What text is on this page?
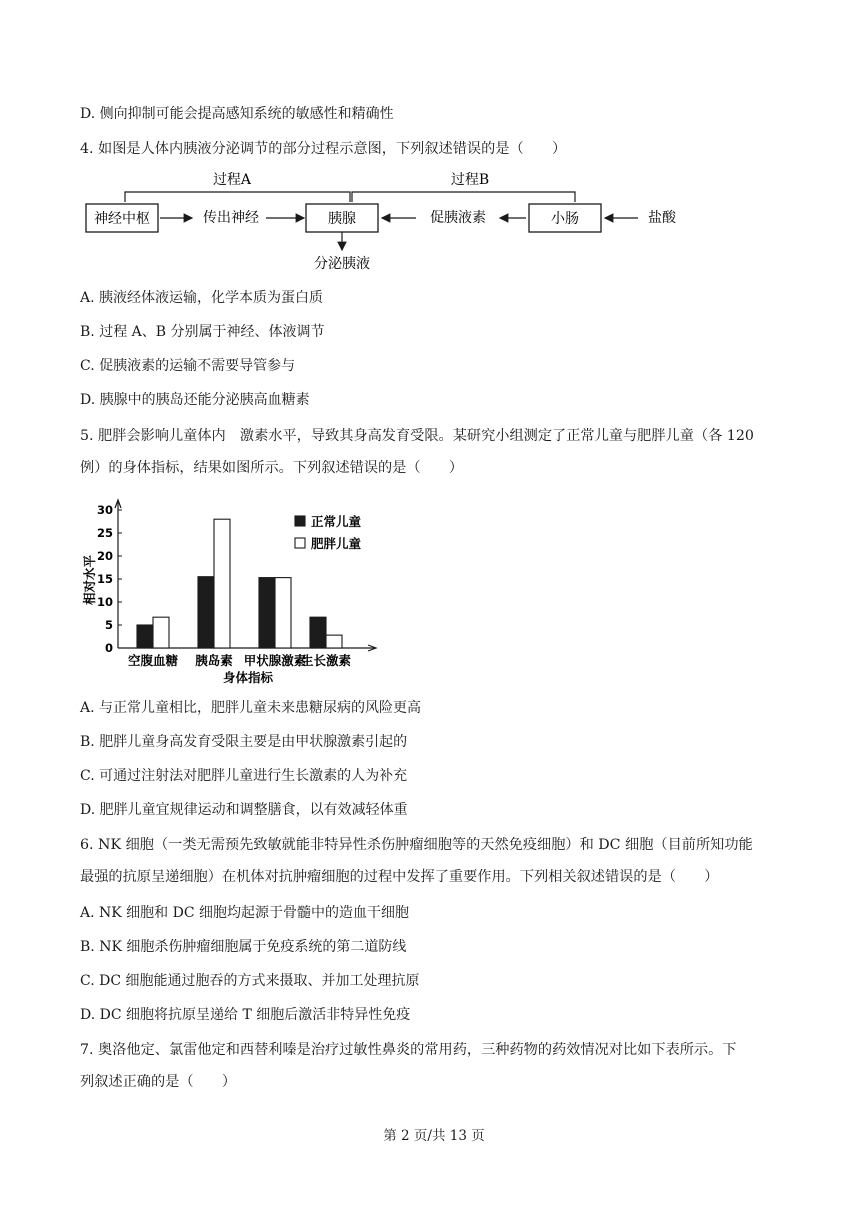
D. 侧向抑制可能会提高感知系统的敏感性和精确性
4. 如图是人体内胰液分泌调节的部分过程示意图，下列叙述错误的是（　　）
过程A	过程B
神经中枢	传出神经	胰腺	促胰液素	小肠	盐酸
分泌胰液
A. 胰液经体液运输，化学本质为蛋白质
B. 过程 A、B 分别属于神经、体液调节
C. 促胰液素的运输不需要导管参与
D. 胰腺中的胰岛还能分泌胰高血糖素
5. 肥胖会影响儿童体内　激素水平，导致其身高发育受限。某研究小组测定了正常儿童与肥胖儿童（各 120
例）的身体指标，结果如图所示。下列叙述错误的是（　　）
0
5
10
15
20
25
30
相对水平
空腹血糖 胰岛素 甲状腺激素
生长激素
身体指标
正常儿童
肥胖儿童
A. 与正常儿童相比，肥胖儿童未来患糖尿病的风险更高
B. 肥胖儿童身高发育受限主要是由甲状腺激素引起的
C. 可通过注射法对肥胖儿童进行生长激素的人为补充
D. 肥胖儿童宜规律运动和调整膳食，以有效减轻体重
6. NK 细胞（一类无需预先致敏就能非特异性杀伤肿瘤细胞等的天然免疫细胞）和 DC 细胞（目前所知功能
最强的抗原呈递细胞）在机体对抗肿瘤细胞的过程中发挥了重要作用。下列相关叙述错误的是（　　）
A. NK 细胞和 DC 细胞均起源于骨髓中的造血干细胞
B. NK 细胞杀伤肿瘤细胞属于免疫系统的第二道防线
C. DC 细胞能通过胞吞的方式来摄取、并加工处理抗原
D. DC 细胞将抗原呈递给 T 细胞后激活非特异性免疫
7. 奥洛他定、氯雷他定和西替利嗪是治疗过敏性鼻炎的常用药，三种药物的药效情况对比如下表所示。下
列叙述正确的是（　　）
第 2 页/共 13 页
